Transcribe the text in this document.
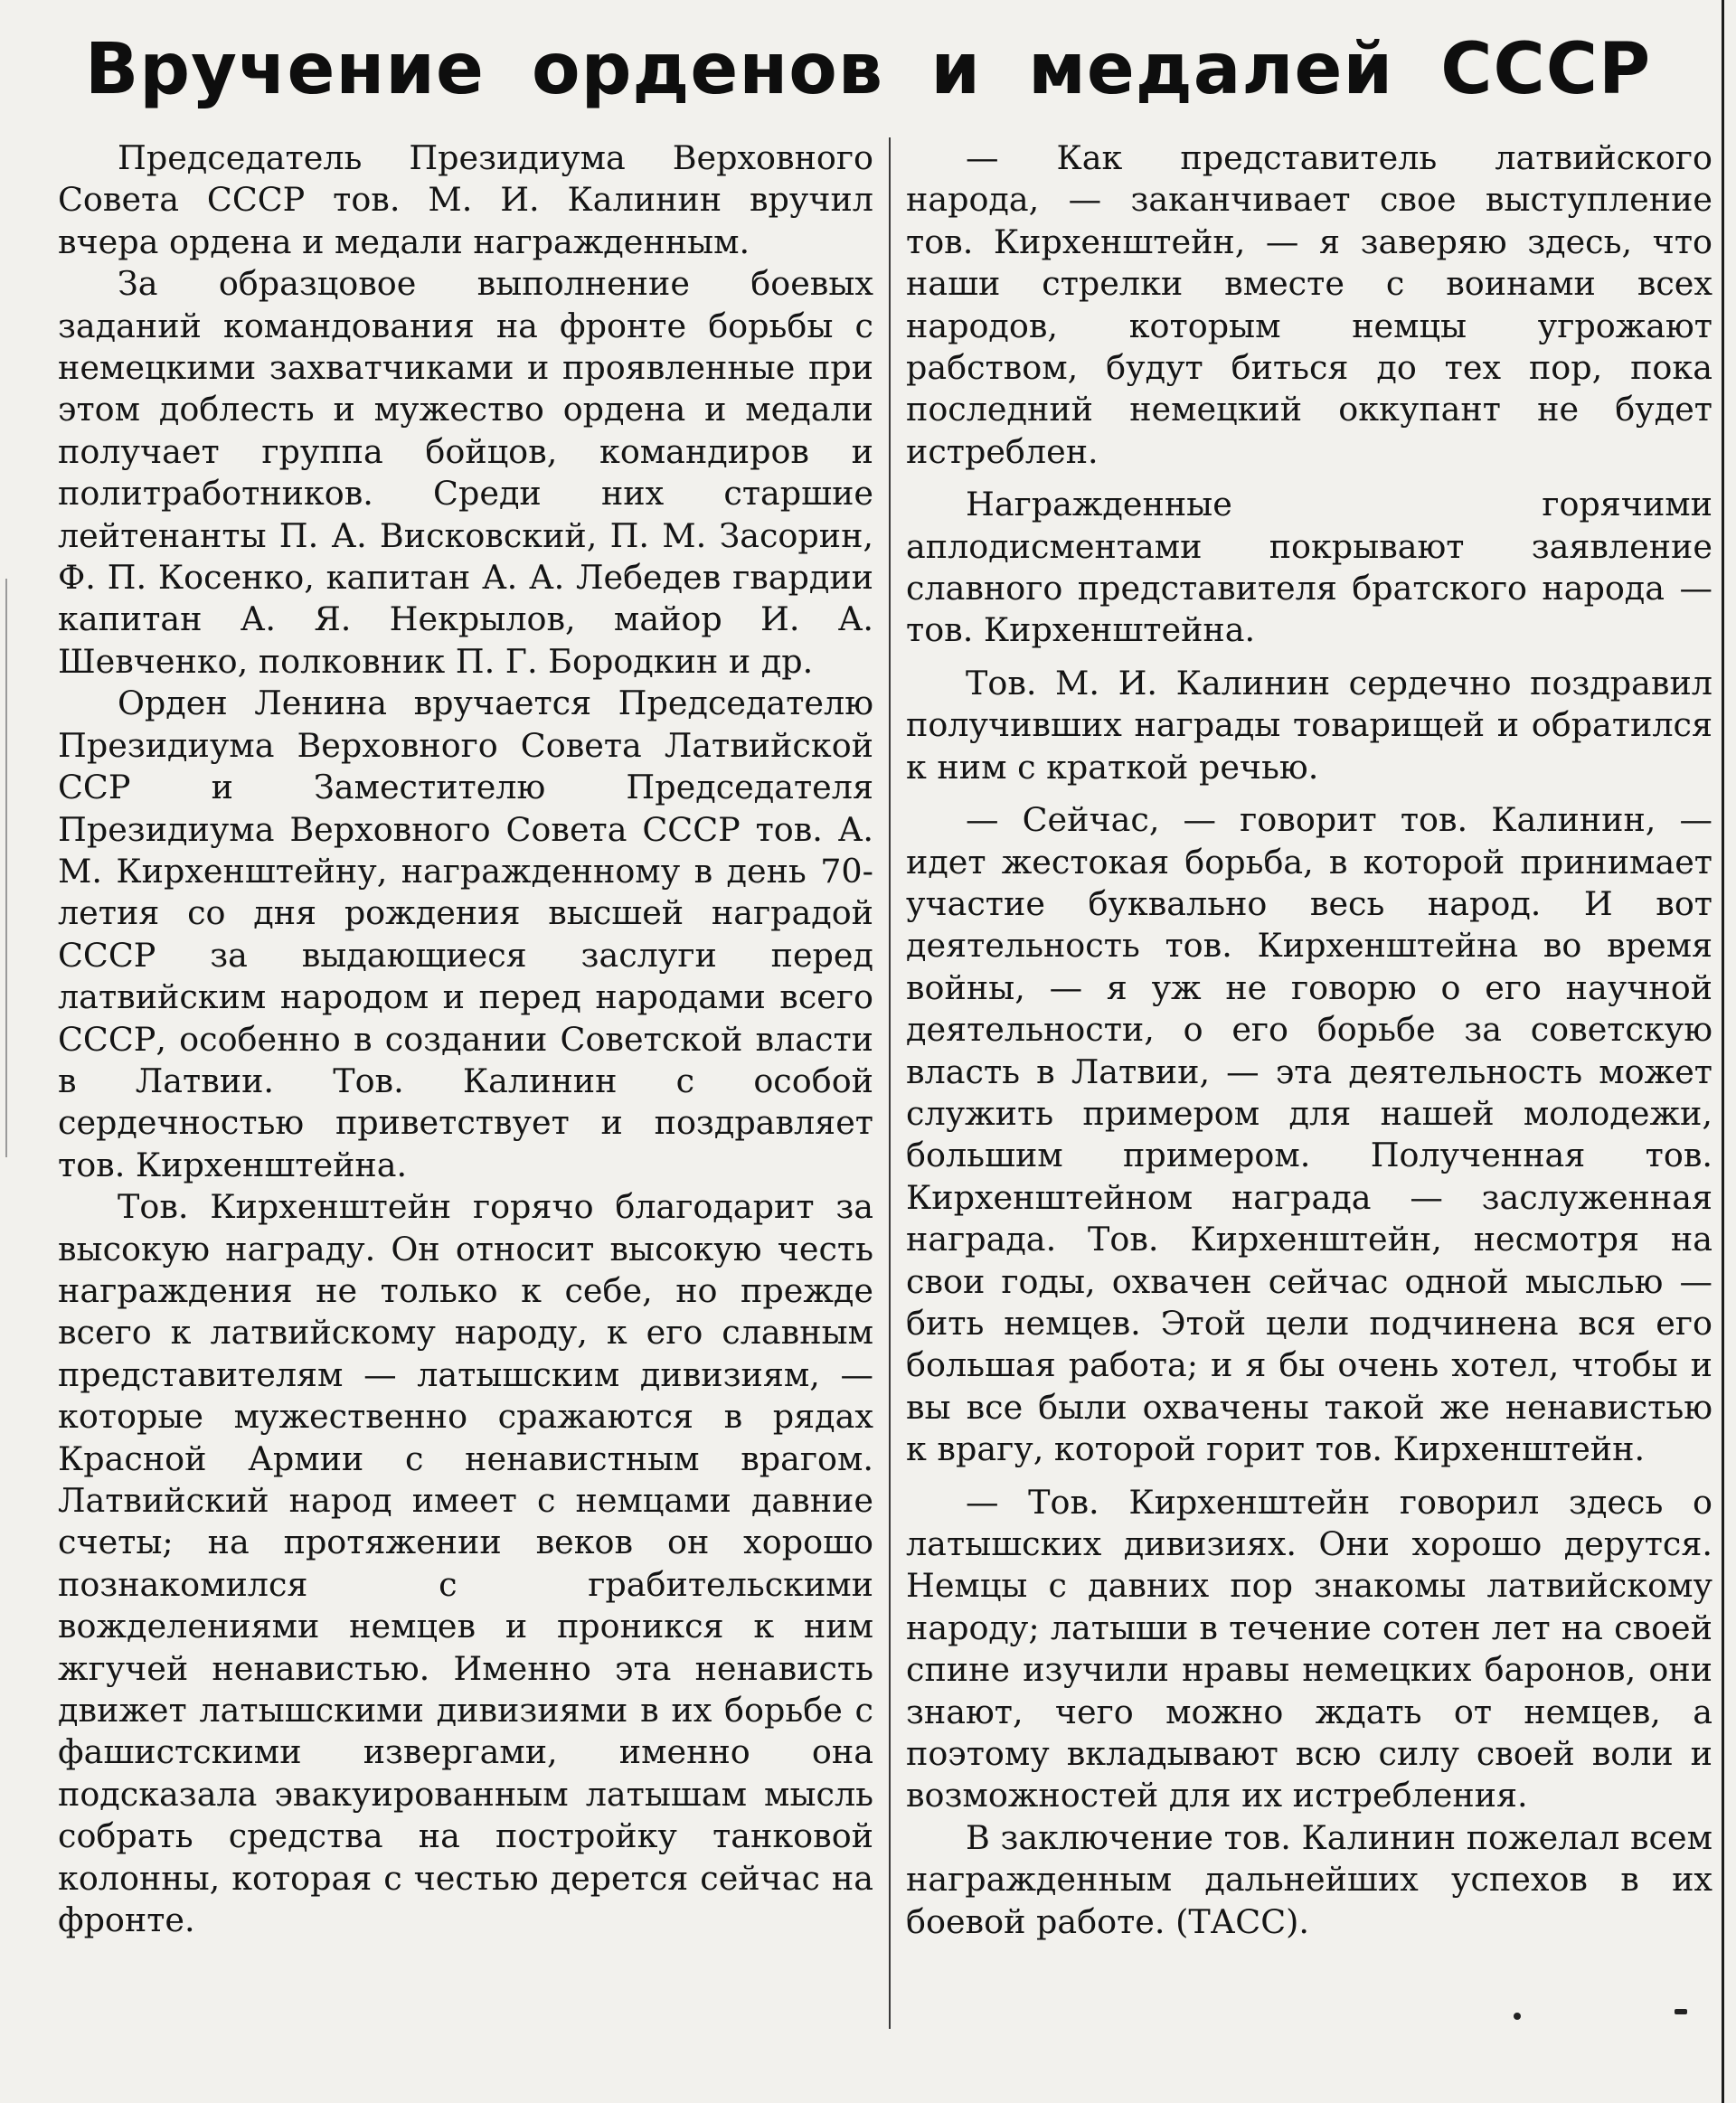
Вручение орденов и медалей СССР

Председатель Президиума Верховного Совета СССР тов. М. И. Калинин вручил вчера ордена и медали награжденным.

За образцовое выполнение боевых заданий командования на фронте борьбы с немецкими захватчиками и проявленные при этом доблесть и мужество ордена и медали получает группа бойцов, командиров и политработников. Среди них старшие лейтенанты П. А. Висковский, П. М. Засорин, Ф. П. Косенко, капитан А. А. Лебедев гвардии капитан А. Я. Некрылов, майор И. А. Шевченко, полковник П. Г. Бородкин и др.

Орден Ленина вручается Председателю Президиума Верховного Совета Латвийской ССР и Заместителю Председателя Президиума Верховного Совета СССР тов. А. М. Кирхенштейну, награжденному в день 70-летия со дня рождения высшей наградой СССР за выдающиеся заслуги перед латвийским народом и перед народами всего СССР, особенно в создании Советской власти в Латвии. Тов. Калинин с особой сердечностью приветствует и поздравляет тов. Кирхенштейна.

Тов. Кирхенштейн горячо благодарит за высокую награду. Он относит высокую честь награждения не только к себе, но прежде всего к латвийскому народу, к его славным представителям — латышским дивизиям, — которые мужественно сражаются в рядах Красной Армии с ненавистным врагом. Латвийский народ имеет с немцами давние счеты; на протяжении веков он хорошо познакомился с грабительскими вожделениями немцев и проникся к ним жгучей ненавистью. Именно эта ненависть движет латышскими дивизиями в их борьбе с фашистскими извергами, именно она подсказала эвакуированным латышам мысль собрать средства на постройку танковой колонны, которая с честью дерется сейчас на фронте.

— Как представитель латвийского народа, — заканчивает свое выступление тов. Кирхенштейн, — я заверяю здесь, что наши стрелки вместе с воинами всех народов, которым немцы угрожают рабством, будут биться до тех пор, пока последний немецкий оккупант не будет истреблен.

Награжденные горячими аплодисментами покрывают заявление славного представителя братского народа — тов. Кирхенштейна.

Тов. М. И. Калинин сердечно поздравил получивших награды товарищей и обратился к ним с краткой речью.

— Сейчас, — говорит тов. Калинин, — идет жестокая борьба, в которой принимает участие буквально весь народ. И вот деятельность тов. Кирхенштейна во время войны, — я уж не говорю о его научной деятельности, о его борьбе за советскую власть в Латвии, — эта деятельность может служить примером для нашей молодежи, большим примером. Полученная тов. Кирхенштейном награда — заслуженная награда. Тов. Кирхенштейн, несмотря на свои годы, охвачен сейчас одной мыслью — бить немцев. Этой цели подчинена вся его большая работа; и я бы очень хотел, чтобы и вы все были охвачены такой же ненавистью к врагу, которой горит тов. Кирхенштейн.

— Тов. Кирхенштейн говорил здесь о латышских дивизиях. Они хорошо дерутся. Немцы с давних пор знакомы латвийскому народу; латыши в течение сотен лет на своей спине изучили нравы немецких баронов, они знают, чего можно ждать от немцев, а поэтому вкладывают всю силу своей воли и возможностей для их истребления.

В заключение тов. Калинин пожелал всем награжденным дальнейших успехов в их боевой работе. (ТАСС).
